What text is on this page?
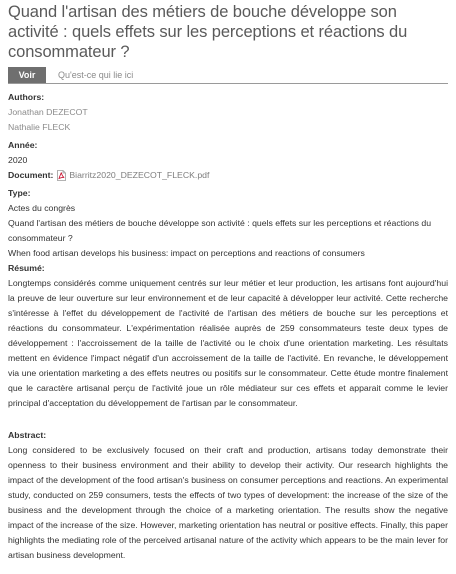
Quand l'artisan des métiers de bouche développe son activité : quels effets sur les perceptions et réactions du consommateur ?
Voir	Qu'est-ce qui lie ici
Authors:
Jonathan DEZECOT
Nathalie FLECK
Année:
2020
Document: Biarritz2020_DEZECOT_FLECK.pdf
Type:
Actes du congrès
Quand l'artisan des métiers de bouche développe son activité : quels effets sur les perceptions et réactions du consommateur ?
When food artisan develops his business: impact on perceptions and reactions of consumers
Résumé:
Longtemps considérés comme uniquement centrés sur leur métier et leur production, les artisans font aujourd'hui la preuve de leur ouverture sur leur environnement et de leur capacité à développer leur activité. Cette recherche s'intéresse à l'effet du développement de l'activité de l'artisan des métiers de bouche sur les perceptions et réactions du consommateur. L'expérimentation réalisée auprès de 259 consommateurs teste deux types de développement : l'accroissement de la taille de l'activité ou le choix d'une orientation marketing. Les résultats mettent en évidence l'impact négatif d'un accroissement de la taille de l'activité. En revanche, le développement via une orientation marketing a des effets neutres ou positifs sur le consommateur. Cette étude montre finalement que le caractère artisanal perçu de l'activité joue un rôle médiateur sur ces effets et apparait comme le levier principal d'acceptation du développement de l'artisan par le consommateur.
Abstract:
Long considered to be exclusively focused on their craft and production, artisans today demonstrate their openness to their business environment and their ability to develop their activity. Our research highlights the impact of the development of the food artisan's business on consumer perceptions and reactions. An experimental study, conducted on 259 consumers, tests the effects of two types of development: the increase of the size of the business and the development through the choice of a marketing orientation. The results show the negative impact of the increase of the size. However, marketing orientation has neutral or positive effects. Finally, this paper highlights the mediating role of the perceived artisanal nature of the activity which appears to be the main lever for artisan business development.
